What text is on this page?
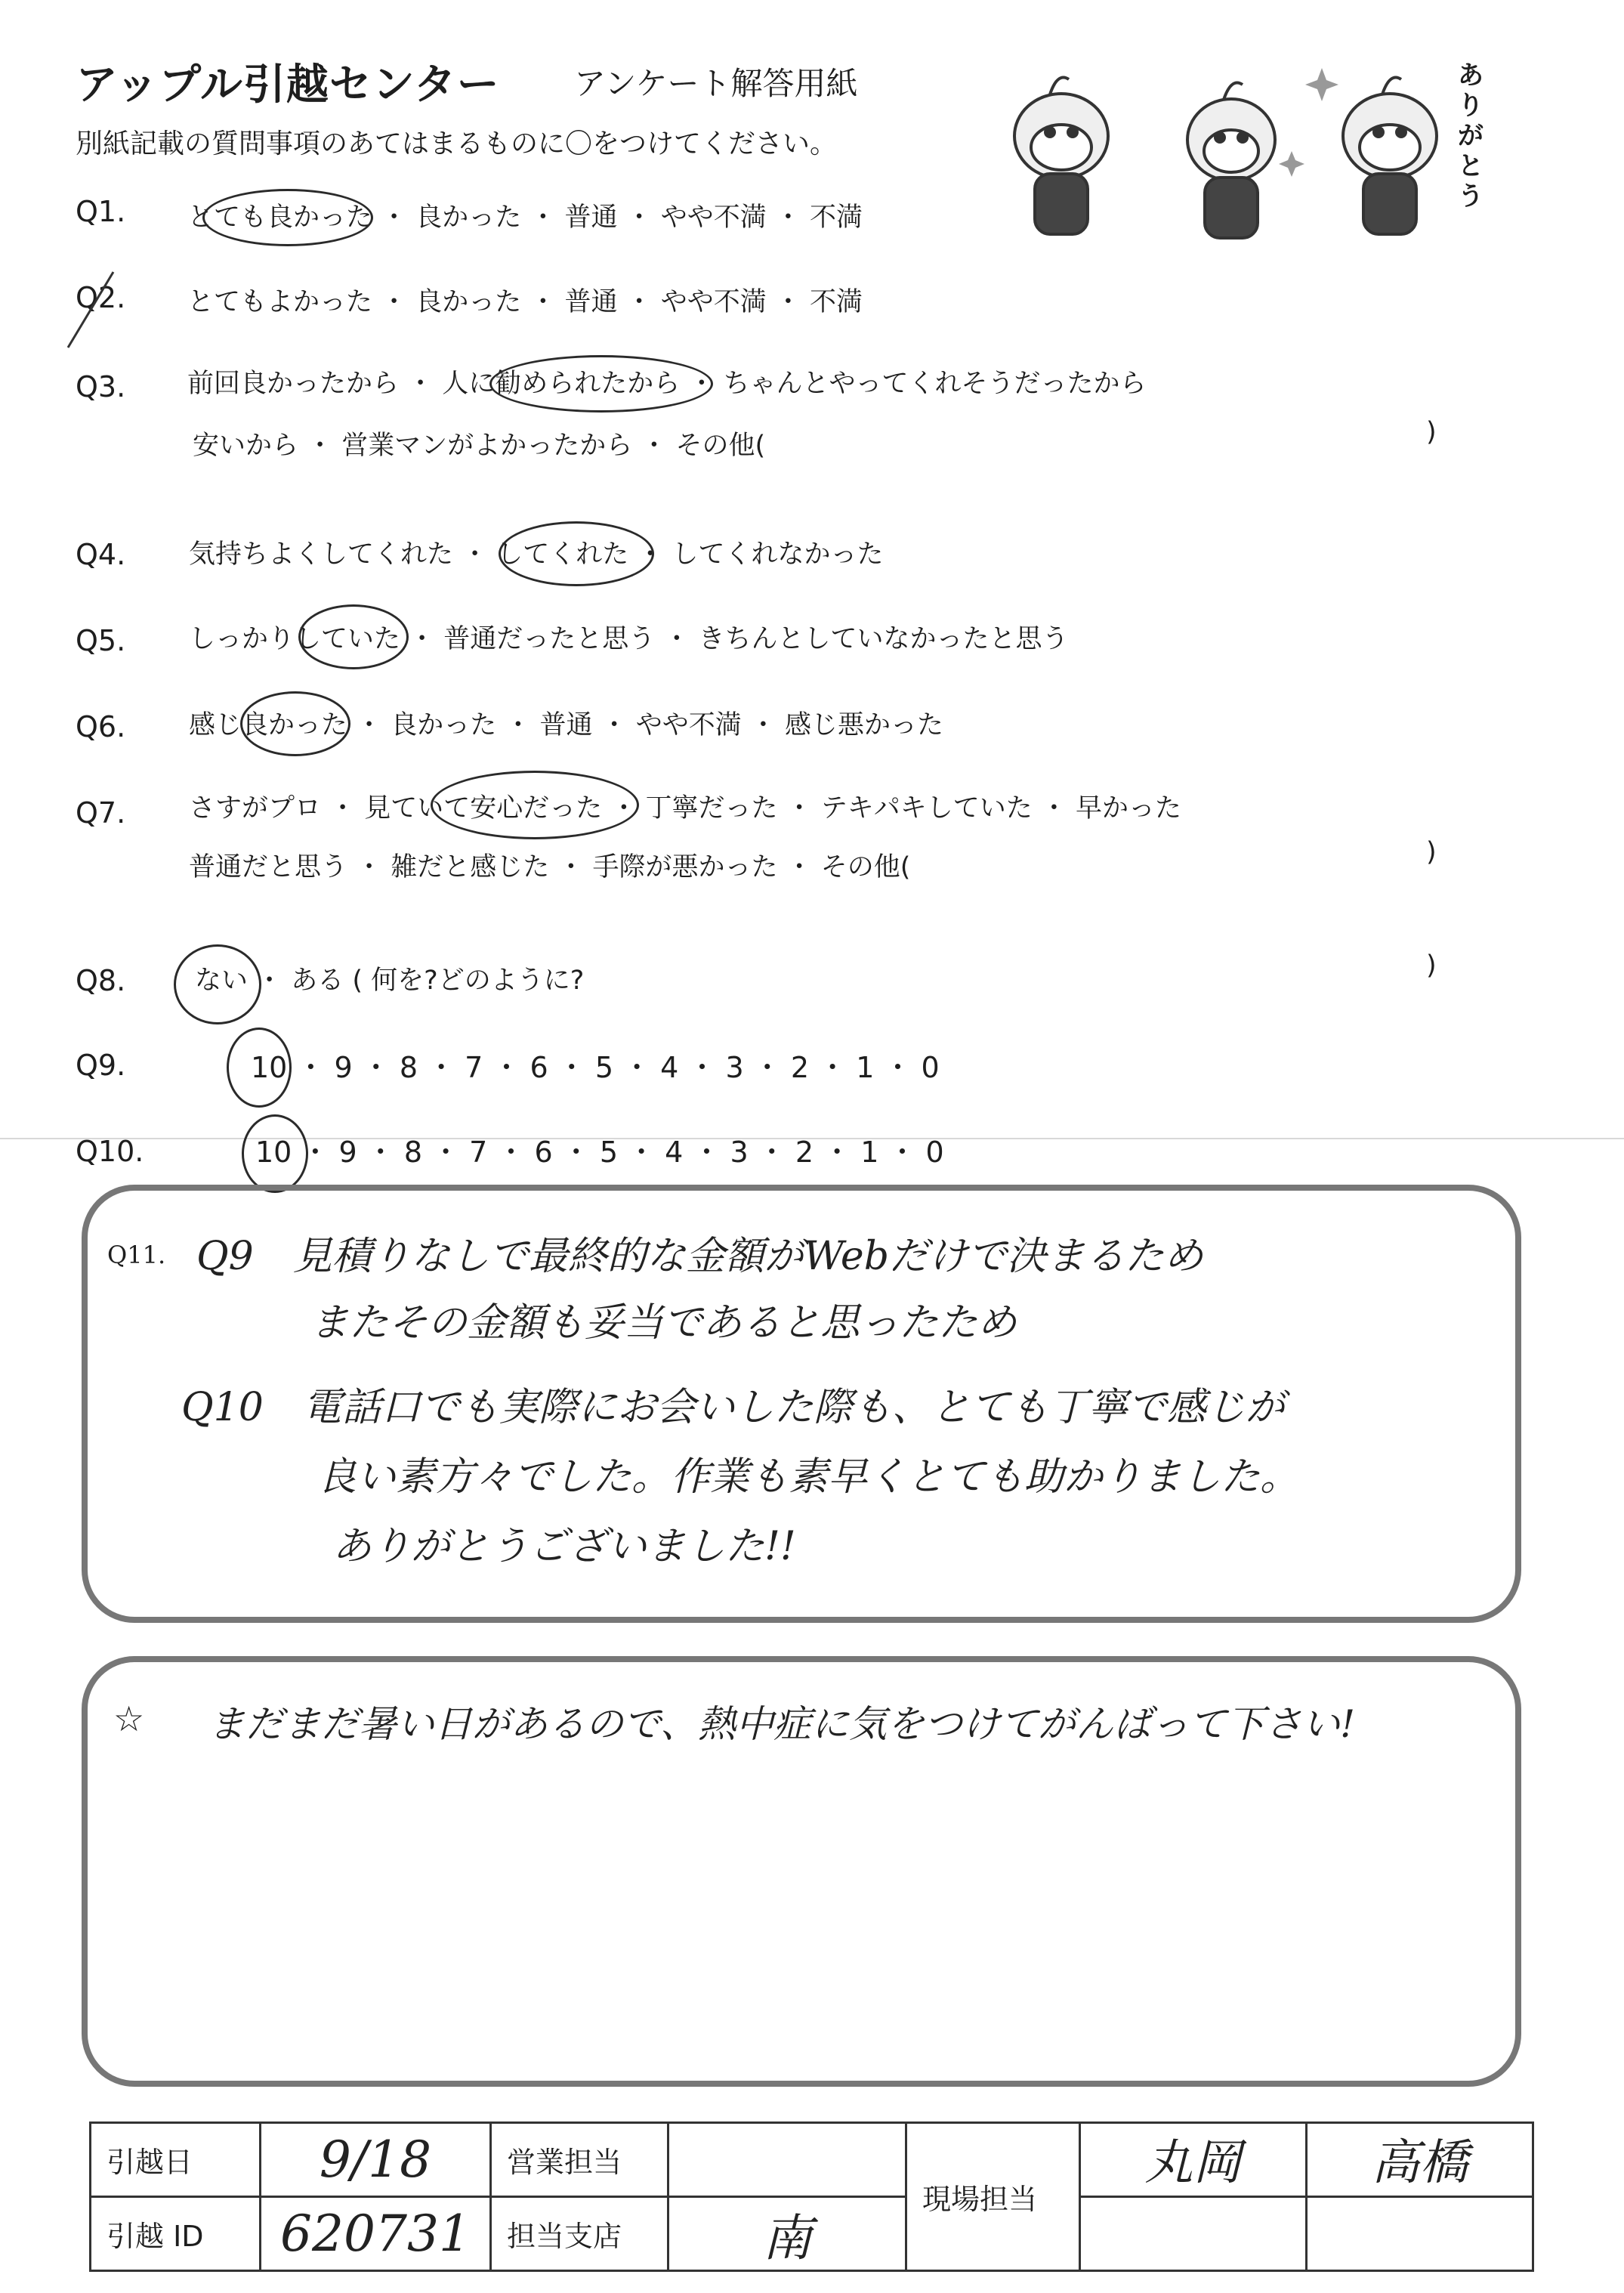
アップル引越センター アンケート解答用紙
別紙記載の質問事項のあてはまるものに〇をつけてください。
ありがとう
Q1. とても良かった ・ 良かった ・ 普通 ・ やや不満 ・ 不満
Q2. とてもよかった ・ 良かった ・ 普通 ・ やや不満 ・ 不満
Q3. 前回良かったから ・ 人に勧められたから ・ ちゃんとやってくれそうだったから
安いから ・ 営業マンがよかったから ・ その他(	)
Q4. 気持ちよくしてくれた ・ してくれた ・ してくれなかった
Q5. しっかりしていた ・ 普通だったと思う ・ きちんとしていなかったと思う
Q6. 感じ良かった ・ 良かった ・ 普通 ・ やや不満 ・ 感じ悪かった
Q7. さすがプロ ・ 見ていて安心だった ・ 丁寧だった ・ テキパキしていた ・ 早かった
普通だと思う ・ 雑だと感じた ・ 手際が悪かった ・ その他(	)
Q8.	ない ・ ある ( 何を?どのように?	)
Q9.	10 ・ 9 ・ 8 ・ 7 ・ 6 ・ 5 ・ 4 ・ 3 ・ 2 ・ 1 ・ 0
Q10.	10 ・ 9 ・ 8 ・ 7 ・ 6 ・ 5 ・ 4 ・ 3 ・ 2 ・ 1 ・ 0
Q11. Q9　見積りなしで最終的な金額がWebだけで決まるため
またその金額も妥当であると思ったため
Q10　電話口でも実際にお会いした際も、とても丁寧で感じが
良い素方々でした。作業も素早くとても助かりました。
ありがとうございました!!
☆ まだまだ暑い日があるので、熱中症に気をつけてがんばって下さい!
引越日	9/18	営業担当		現場担当	丸岡	高橋
引越 ID	620731	担当支店	南			
